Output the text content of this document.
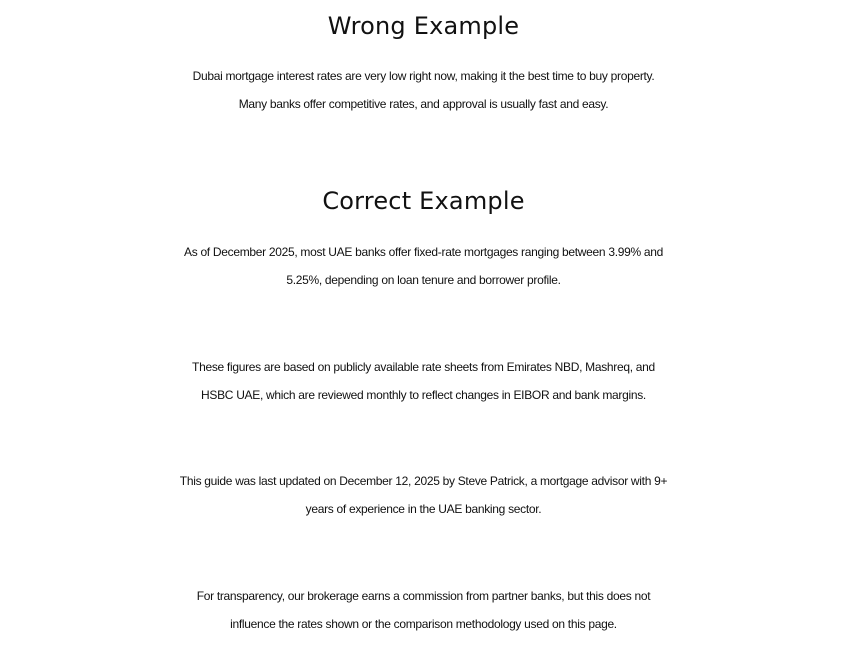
Wrong Example

Dubai mortgage interest rates are very low right now, making it the best time to buy property.
Many banks offer competitive rates, and approval is usually fast and easy.

Correct Example

As of December 2025, most UAE banks offer fixed-rate mortgages ranging between 3.99% and
5.25%, depending on loan tenure and borrower profile.

These figures are based on publicly available rate sheets from Emirates NBD, Mashreq, and
HSBC UAE, which are reviewed monthly to reflect changes in EIBOR and bank margins.

This guide was last updated on December 12, 2025 by Steve Patrick, a mortgage advisor with 9+
years of experience in the UAE banking sector.

For transparency, our brokerage earns a commission from partner banks, but this does not
influence the rates shown or the comparison methodology used on this page.
